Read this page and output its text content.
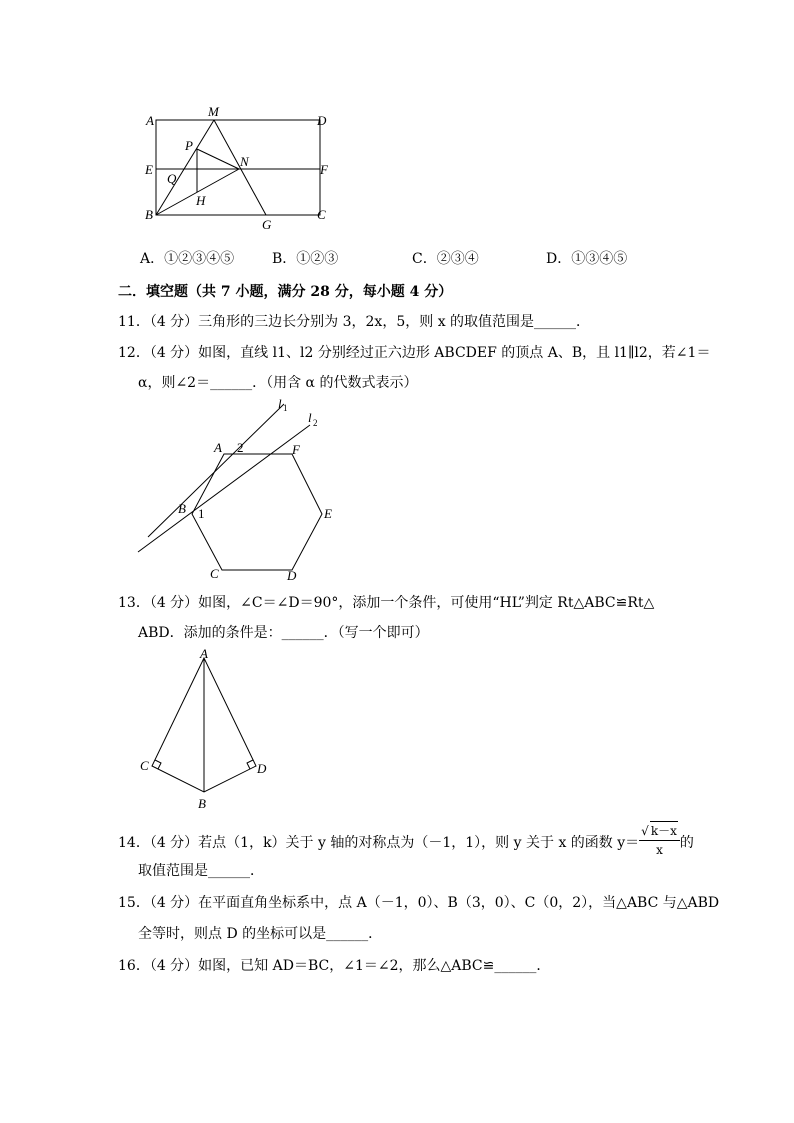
A
M
D
P
E
N
F
Q
H
B
G
C
A．①②③④⑤	B．①②③	C．②③④	D．①③④⑤
二．填空题（共 7 小题，满分 28 分，每小题 4 分）
11．（4 分）三角形的三边长分别为 3，2x，5，则 x 的取值范围是______．
12．（4 分）如图，直线 l1、l2 分别经过正六边形 ABCDEF 的顶点 A、B，且 l1∥l2，若∠1＝
α，则∠2＝______．（用含 α 的代数式表示）
l 1
l 2
A 2	F
B 1	E
C	D
13．（4 分）如图，∠C＝∠D＝90°，添加一个条件，可使用“HL”判定 Rt△ABC≌Rt△
ABD．添加的条件是：______．（写一个即可）
A
C	D
B
14．（4 分）若点（1，k）关于 y 轴的对称点为（－1，1），则 y 关于 x 的函数 $y= \frac{√ k-x}{x}$ 的
取值范围是______．
15．（4 分）在平面直角坐标系中，点 A（－1，0）、B（3，0）、C（0，2），当△ABC 与△ABD
全等时，则点 D 的坐标可以是______．
16．（4 分）如图，已知 AD＝BC，∠1＝∠2，那么△ABC≌______．
